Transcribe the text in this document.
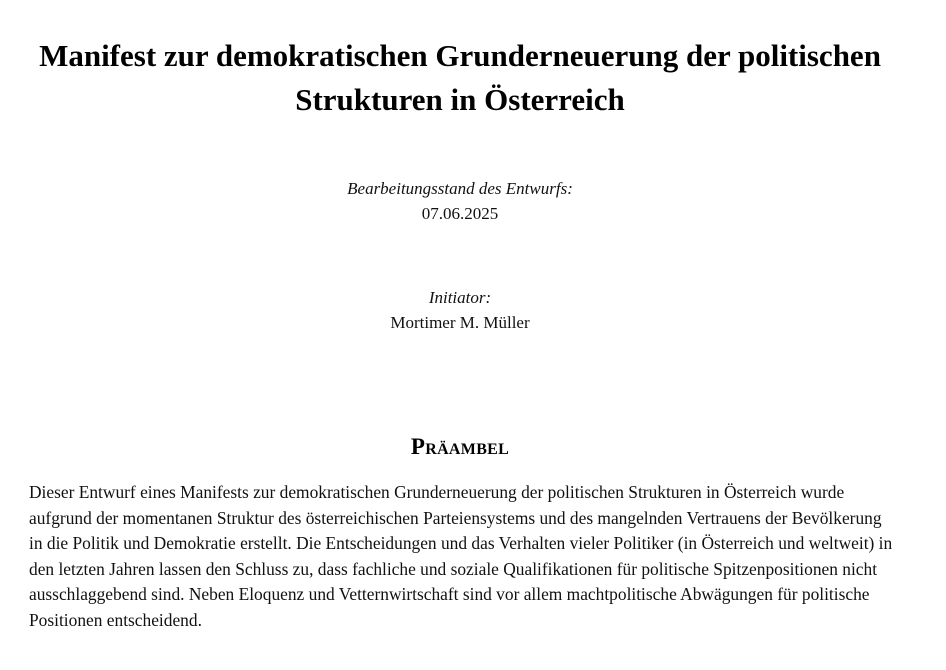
Manifest zur demokratischen Grunderneuerung der politischen Strukturen in Österreich
Bearbeitungsstand des Entwurfs:
07.06.2025
Initiator:
Mortimer M. Müller
Präambel

Dieser Entwurf eines Manifests zur demokratischen Grunderneuerung der politischen Strukturen in Österreich wurde aufgrund der momentanen Struktur des österreichischen Parteiensystems und des mangelnden Vertrauens der Bevölkerung in die Politik und Demokratie erstellt. Die Entscheidungen und das Verhalten vieler Politiker (in Österreich und weltweit) in den letzten Jahren lassen den Schluss zu, dass fachliche und soziale Qualifikationen für politische Spitzenpositionen nicht ausschlaggebend sind. Neben Eloquenz und Vetternwirtschaft sind vor allem machtpolitische Abwägungen für politische Positionen entscheidend.
